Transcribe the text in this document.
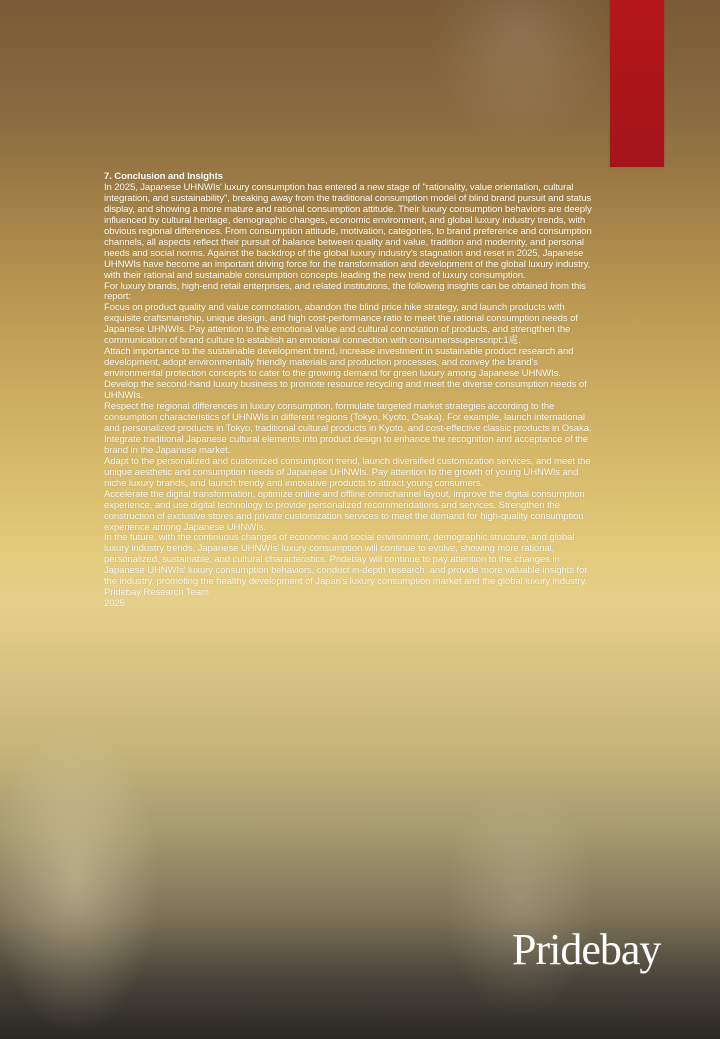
7. Conclusion and Insights

In 2025, Japanese UHNWIs' luxury consumption has entered a new stage of "rationality, value orientation, cultural integration, and sustainability", breaking away from the traditional consumption model of blind brand pursuit and status display, and showing a more mature and rational consumption attitude. Their luxury consumption behaviors are deeply influenced by cultural heritage, demographic changes, economic environment, and global luxury industry trends, with obvious regional differences. From consumption attitude, motivation, categories, to brand preference and consumption channels, all aspects reflect their pursuit of balance between quality and value, tradition and modernity, and personal needs and social norms. Against the backdrop of the global luxury industry's stagnation and reset in 2025, Japanese UHNWIs have become an important driving force for the transformation and development of the global luxury industry, with their rational and sustainable consumption concepts leading the new trend of luxury consumption.

For luxury brands, high-end retail enterprises, and related institutions, the following insights can be obtained from this report:

Focus on product quality and value connotation, abandon the blind price hike strategy, and launch products with exquisite craftsmanship, unique design, and high cost-performance ratio to meet the rational consumption needs of Japanese UHNWIs. Pay attention to the emotional value and cultural connotation of products, and strengthen the communication of brand culture to establish an emotional connection with consumerssuperscript:1處.

Attach importance to the sustainable development trend, increase investment in sustainable product research and development, adopt environmentally friendly materials and production processes, and convey the brand's environmental protection concepts to cater to the growing demand for green luxury among Japanese UHNWIs. Develop the second-hand luxury business to promote resource recycling and meet the diverse consumption needs of UHNWIs.

Respect the regional differences in luxury consumption, formulate targeted market strategies according to the consumption characteristics of UHNWIs in different regions (Tokyo, Kyoto, Osaka). For example, launch international and personalized products in Tokyo, traditional cultural products in Kyoto, and cost-effective classic products in Osaka. Integrate traditional Japanese cultural elements into product design to enhance the recognition and acceptance of the brand in the Japanese market.

Adapt to the personalized and customized consumption trend, launch diversified customization services, and meet the unique aesthetic and consumption needs of Japanese UHNWIs. Pay attention to the growth of young UHNWIs and niche luxury brands, and launch trendy and innovative products to attract young consumers.

Accelerate the digital transformation, optimize online and offline omnichannel layout, improve the digital consumption experience, and use digital technology to provide personalized recommendations and services. Strengthen the construction of exclusive stores and private customization services to meet the demand for high-quality consumption experience among Japanese UHNWIs.

In the future, with the continuous changes of economic and social environment, demographic structure, and global luxury industry trends, Japanese UHNWIs' luxury consumption will continue to evolve, showing more rational, personalized, sustainable, and cultural characteristics. Pridebay will continue to pay attention to the changes in Japanese UHNWIs' luxury consumption behaviors, conduct in-depth research, and provide more valuable insights for the industry, promoting the healthy development of Japan's luxury consumption market and the global luxury industry.

Pridebay Research Team

2025

Pridebay
